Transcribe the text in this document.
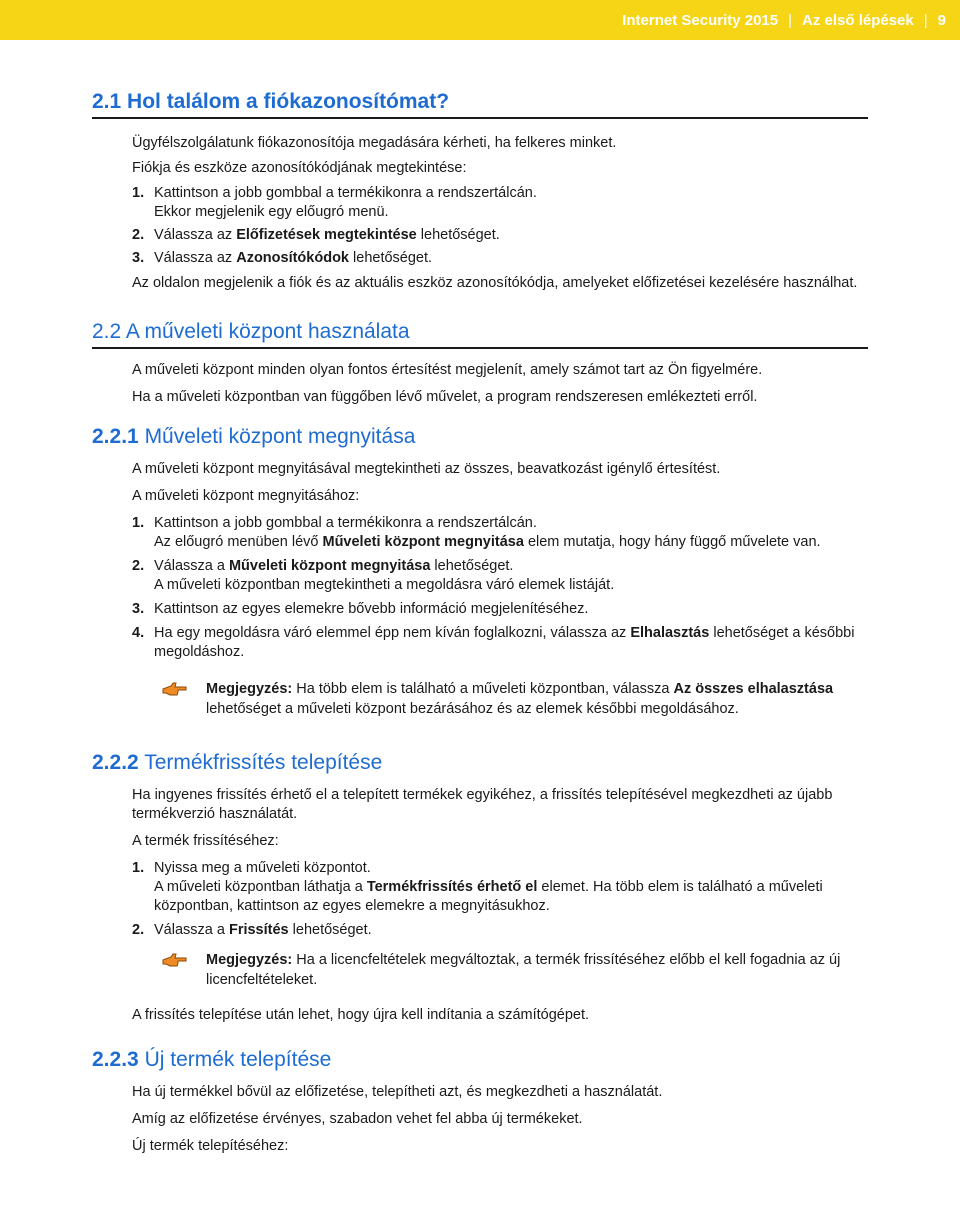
Internet Security 2015 | Az első lépések | 9
2.1 Hol találom a fiókazonosítómat?

Ügyfélszolgálatunk fiókazonosítója megadására kérheti, ha felkeres minket.

Fiókja és eszköze azonosítókódjának megtekintése:

1. Kattintson a jobb gombbal a termékikonra a rendszertálcán.
Ekkor megjelenik egy előugró menü.
2. Válassza az Előfizetések megtekintése lehetőséget.
3. Válassza az Azonosítókódok lehetőséget.

Az oldalon megjelenik a fiók és az aktuális eszköz azonosítókódja, amelyeket előfizetései kezelésére használhat.

2.2 A műveleti központ használata

A műveleti központ minden olyan fontos értesítést megjelenít, amely számot tart az Ön figyelmére.

Ha a műveleti központban van függőben lévő művelet, a program rendszeresen emlékezteti erről.

2.2.1 Műveleti központ megnyitása

A műveleti központ megnyitásával megtekintheti az összes, beavatkozást igénylő értesítést.

A műveleti központ megnyitásához:

1. Kattintson a jobb gombbal a termékikonra a rendszertálcán.
Az előugró menüben lévő Műveleti központ megnyitása elem mutatja, hogy hány függő művelete van.
2. Válassza a Műveleti központ megnyitása lehetőséget.
A műveleti központban megtekintheti a megoldásra váró elemek listáját.
3. Kattintson az egyes elemekre bővebb információ megjelenítéséhez.
4. Ha egy megoldásra váró elemmel épp nem kíván foglalkozni, válassza az Elhalasztás lehetőséget a későbbi megoldáshoz.
Megjegyzés: Ha több elem is található a műveleti központban, válassza Az összes elhalasztása lehetőséget a műveleti központ bezárásához és az elemek későbbi megoldásához.
2.2.2 Termékfrissítés telepítése

Ha ingyenes frissítés érhető el a telepített termékek egyikéhez, a frissítés telepítésével megkezdheti az újabb termékverzió használatát.

A termék frissítéséhez:

1. Nyissa meg a műveleti központot.
A műveleti központban láthatja a Termékfrissítés érhető el elemet. Ha több elem is található a műveleti központban, kattintson az egyes elemekre a megnyitásukhoz.
2. Válassza a Frissítés lehetőséget.
Megjegyzés: Ha a licencfeltételek megváltoztak, a termék frissítéséhez előbb el kell fogadnia az új licencfeltételeket.

A frissítés telepítése után lehet, hogy újra kell indítania a számítógépet.

2.2.3 Új termék telepítése

Ha új termékkel bővül az előfizetése, telepítheti azt, és megkezdheti a használatát.

Amíg az előfizetése érvényes, szabadon vehet fel abba új termékeket.

Új termék telepítéséhez:
